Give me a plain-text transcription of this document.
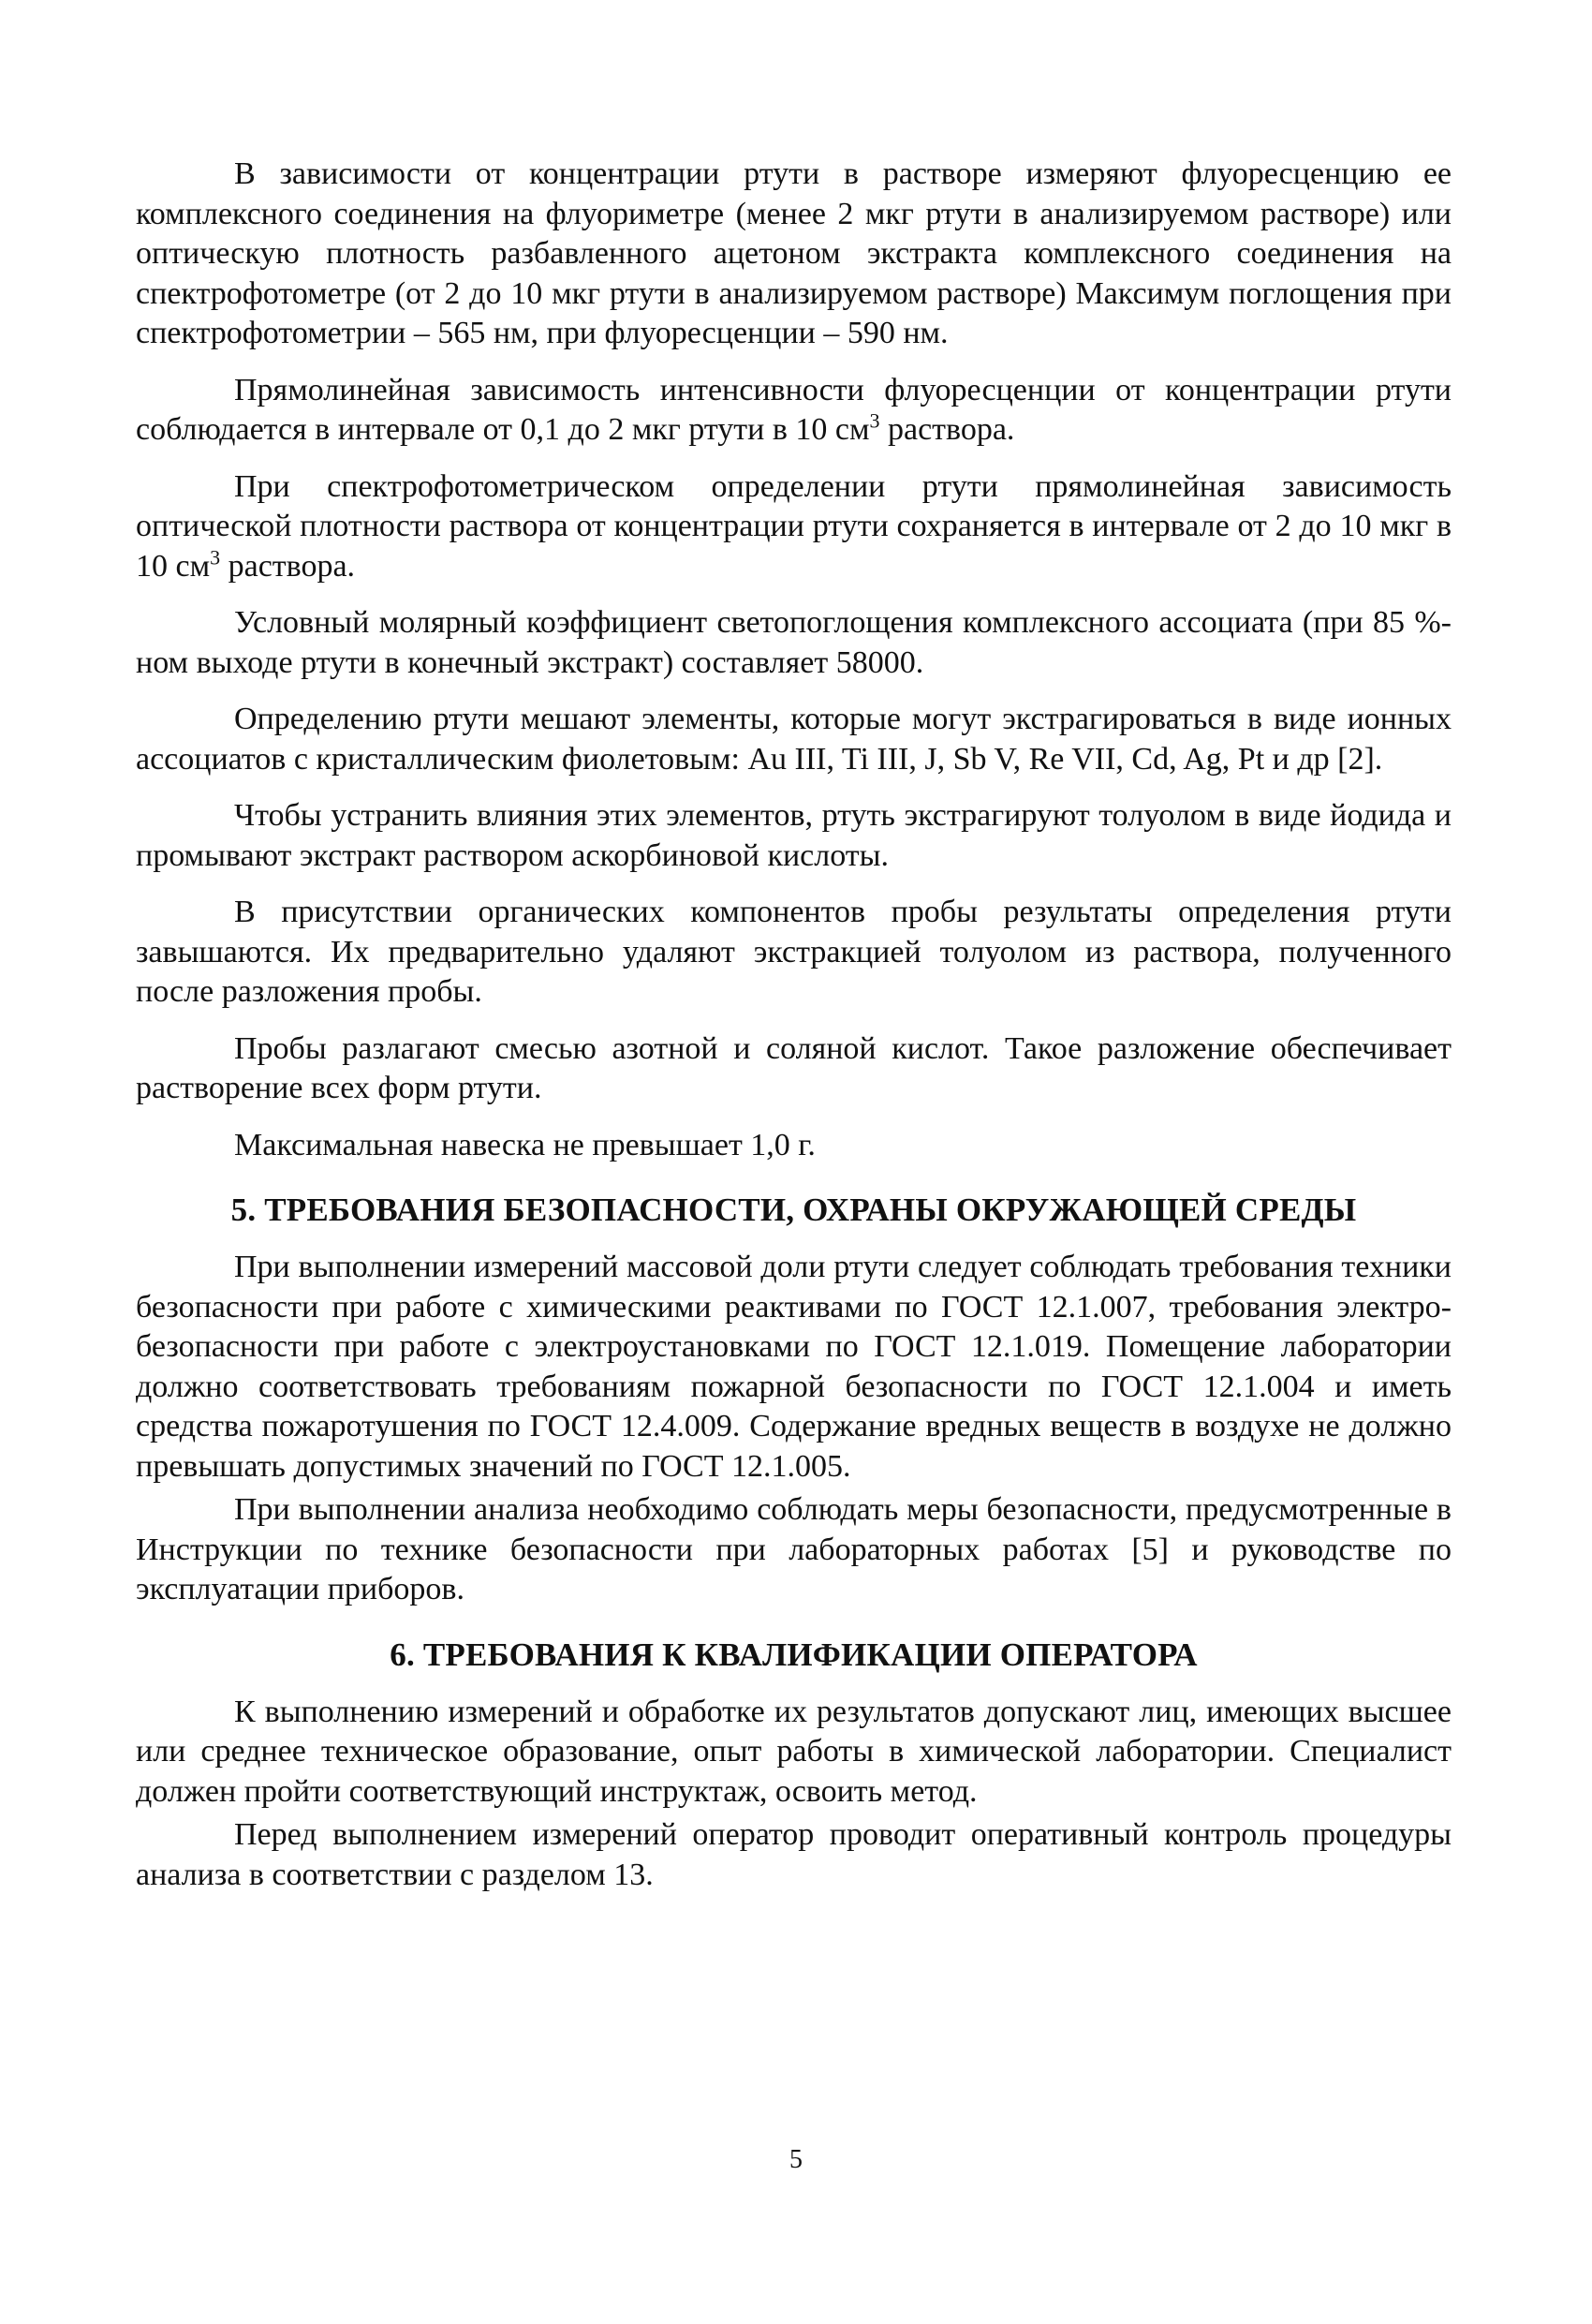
В зависимости от концентрации ртути в растворе измеряют флуоресценцию ее комплексного соединения на флуориметре (менее 2 мкг ртути в анализируемом растворе) или оптическую плотность разбавленного ацетоном экстракта комплексного соединения на спектрофотометре (от 2 до 10 мкг ртути в анализируемом растворе) Максимум поглощения при спектрофотометрии – 565 нм, при флуоресценции – 590 нм.

Прямолинейная зависимость интенсивности флуоресценции от концентрации ртути соблюдается в интервале от 0,1 до 2 мкг ртути в 10 $см^3$ раствора.

При спектрофотометрическом определении ртути прямолинейная зависимость оптической плотности раствора от концентрации ртути сохраняется в интервале от 2 до 10 мкг в 10 $см^3$ раствора.

Условный молярный коэффициент светопоглощения комплексного ассоциата (при 85 %-ном выходе ртути в конечный экстракт) составляет 58000.

Определению ртути мешают элементы, которые могут экстрагироваться в виде ионных ассоциатов с кристаллическим фиолетовым: Au III, Ti III, J, Sb V, Re VII, Cd, Ag, Pt и др [2].

Чтобы устранить влияния этих элементов, ртуть экстрагируют толуолом в виде йодида и промывают экстракт раствором аскорбиновой кислоты.

В присутствии органических компонентов пробы результаты определения ртути завышаются. Их предварительно удаляют экстракцией толуолом из раствора, полученного после разложения пробы.

Пробы разлагают смесью азотной и соляной кислот. Такое разложение обеспечивает растворение всех форм ртути.

Максимальная навеска не превышает 1,0 г.

5. ТРЕБОВАНИЯ БЕЗОПАСНОСТИ, ОХРАНЫ ОКРУЖАЮЩЕЙ СРЕДЫ

При выполнении измерений массовой доли ртути следует соблюдать требования техники безопасности при работе с химическими реактивами по ГОСТ 12.1.007, требования электро-безопасности при работе с электроустановками по ГОСТ 12.1.019. Помещение лаборатории должно соответствовать требованиям пожарной безопасности по ГОСТ 12.1.004 и иметь средства пожаротушения по ГОСТ 12.4.009. Содержание вредных веществ в воздухе не должно превышать допустимых значений по ГОСТ 12.1.005.

При выполнении анализа необходимо соблюдать меры безопасности, предусмотренные в Инструкции по технике безопасности при лабораторных работах [5] и руководстве по эксплуатации приборов.

6. ТРЕБОВАНИЯ К КВАЛИФИКАЦИИ ОПЕРАТОРА

К выполнению измерений и обработке их результатов допускают лиц, имеющих высшее или среднее техническое образование, опыт работы в химической лаборатории. Специалист должен пройти соответствующий инструктаж, освоить метод.

Перед выполнением измерений оператор проводит оперативный контроль процедуры анализа в соответствии с разделом 13.

5
